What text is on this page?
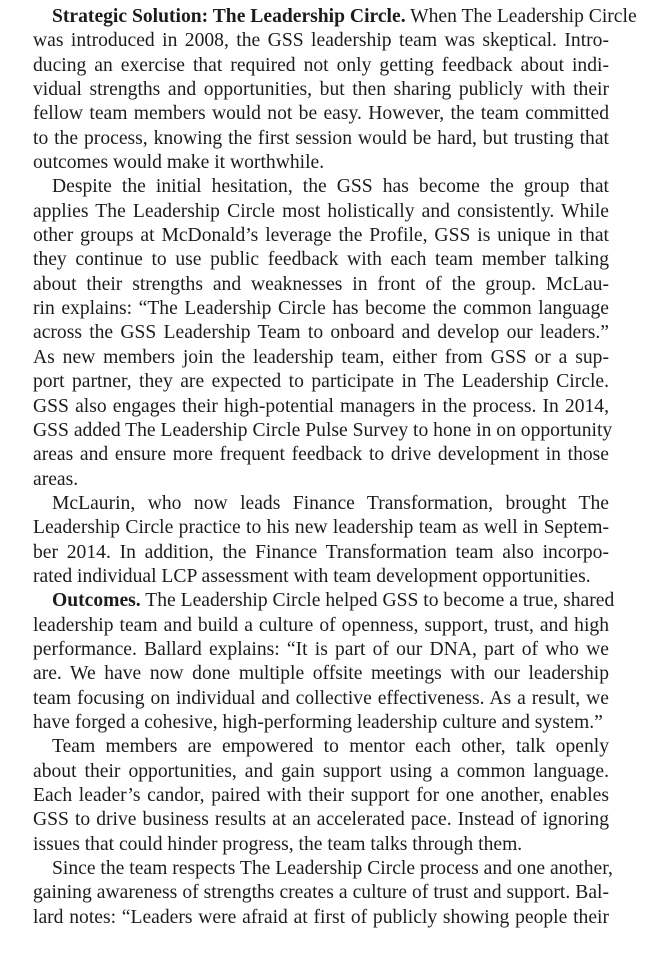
Strategic Solution: The Leadership Circle. When The Leadership Circle
was introduced in 2008, the GSS leadership team was skeptical. Intro-
ducing an exercise that required not only getting feedback about indi-
vidual strengths and opportunities, but then sharing publicly with their
fellow team members would not be easy. However, the team committed
to the process, knowing the first session would be hard, but trusting that
outcomes would make it worthwhile.
Despite the initial hesitation, the GSS has become the group that
applies The Leadership Circle most holistically and consistently. While
other groups at McDonald’s leverage the Profile, GSS is unique in that
they continue to use public feedback with each team member talking
about their strengths and weaknesses in front of the group. McLau-
rin explains: “The Leadership Circle has become the common language
across the GSS Leadership Team to onboard and develop our leaders.”
As new members join the leadership team, either from GSS or a sup-
port partner, they are expected to participate in The Leadership Circle.
GSS also engages their high-potential managers in the process. In 2014,
GSS added The Leadership Circle Pulse Survey to hone in on opportunity
areas and ensure more frequent feedback to drive development in those
areas.
McLaurin, who now leads Finance Transformation, brought The
Leadership Circle practice to his new leadership team as well in Septem-
ber 2014. In addition, the Finance Transformation team also incorpo-
rated individual LCP assessment with team development opportunities.
Outcomes. The Leadership Circle helped GSS to become a true, shared
leadership team and build a culture of openness, support, trust, and high
performance. Ballard explains: “It is part of our DNA, part of who we
are. We have now done multiple offsite meetings with our leadership
team focusing on individual and collective effectiveness. As a result, we
have forged a cohesive, high-performing leadership culture and system.”
Team members are empowered to mentor each other, talk openly
about their opportunities, and gain support using a common language.
Each leader’s candor, paired with their support for one another, enables
GSS to drive business results at an accelerated pace. Instead of ignoring
issues that could hinder progress, the team talks through them.
Since the team respects The Leadership Circle process and one another,
gaining awareness of strengths creates a culture of trust and support. Bal-
lard notes: “Leaders were afraid at first of publicly showing people their
